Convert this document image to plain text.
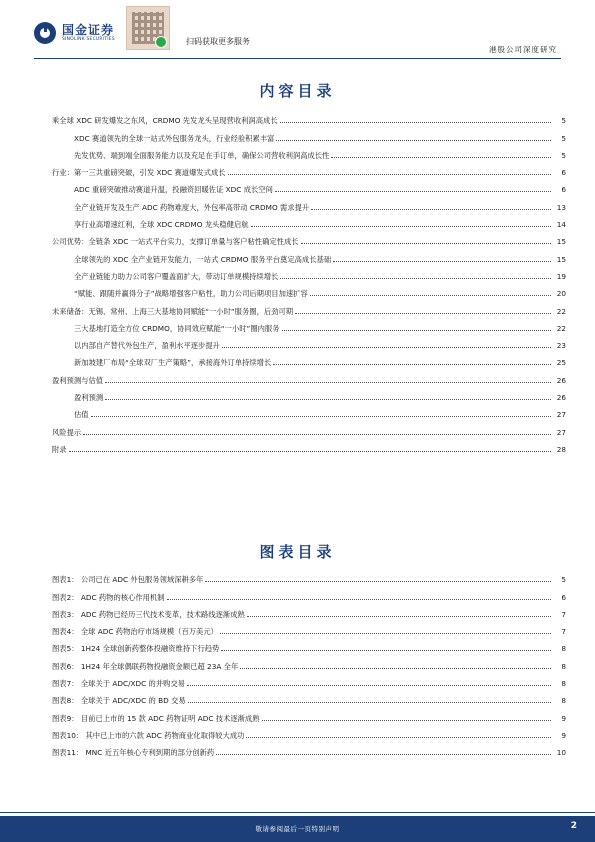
国金证券
SINOLINK SECURITIES	扫码获取更多服务
港股公司深度研究
内容目录
乘全球 XDC 研发爆发之东风，CRDMO 先发龙头呈现营收利润高成长	5
XDC 赛道领先的全球一站式外包服务龙头，行业经验积累丰富	5
先发优势、端到端全面服务能力以及充足在手订单，确保公司营收利润高成长性	5
行业：第一三共重磅突破，引发 XDC 赛道爆发式成长	6
ADC 重磅突破推动赛道升温，投融资回暖佐证 XDC 成长空间	6
全产业链开发及生产 ADC 药物难度大，外包率高带动 CRDMO 需求提升	13
享行业高增速红利，全球 XDC CRDMO 龙头稳健启航	14
公司优势：全链条 XDC 一站式平台实力，支撑订单量与客户粘性确定性成长	15
全球领先的 XDC 全产业链开发能力，一站式 CRDMO 服务平台奠定高成长基础	15
全产业链能力助力公司客户覆盖面扩大，带动订单规模持续增长	19
“赋能、跟随并赢得分子”战略增强客户粘性，助力公司后期项目加速扩容	20
未来储备：无锡、常州、上海三大基地协同赋能“一小时”服务圈，后劲可期	22
三大基地打造全方位 CRDMO，协同效应赋能“一小时”圈内服务	22
以内部自产替代外包生产，盈利水平逐步提升	23
新加坡建厂布局“全球双厂生产策略”，承接海外订单持续增长	25
盈利预测与估值	26
盈利预测	26
估值	27
风险提示	27
附录	28
图表目录
图表1： 公司已在 ADC 外包服务领域深耕多年	5
图表2： ADC 药物的核心作用机制	6
图表3： ADC 药物已经历三代技术变革，技术路线逐渐成熟	7
图表4： 全球 ADC 药物治疗市场规模（百万美元）	7
图表5： 1H24 全球创新药整体投融资维持下行趋势	8
图表6： 1H24 年全球偶联药物投融资金额已超 23A 全年	8
图表7： 全球关于 ADC/XDC 的并购交易	8
图表8： 全球关于 ADC/XDC 的 BD 交易	8
图表9： 目前已上市的 15 款 ADC 药物证明 ADC 技术逐渐成熟	9
图表10： 其中已上市的六款 ADC 药物商业化取得较大成功	9
图表11： MNC 近五年核心专利到期的部分创新药	10
敬请参阅最后一页特别声明	2
